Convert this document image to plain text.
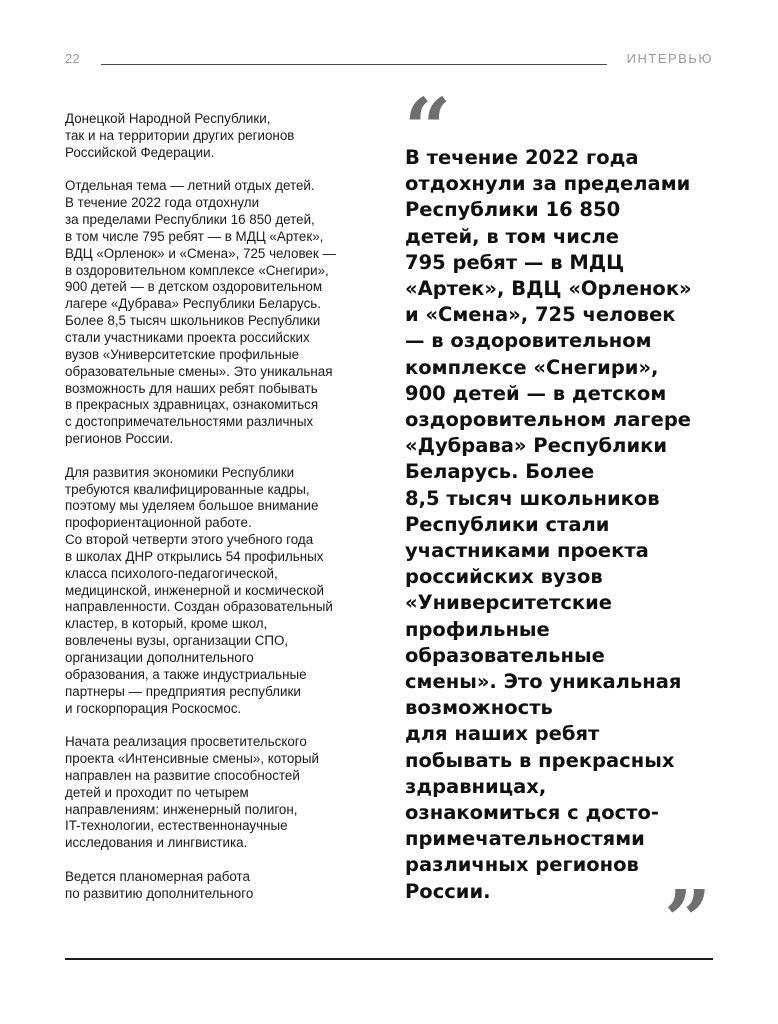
22	ИНТЕРВЬЮ

Донецкой Народной Республики,
так и на территории других регионов
Российской Федерации.

Отдельная тема — летний отдых детей.
В течение 2022 года отдохнули
за пределами Республики 16 850 детей,
в том числе 795 ребят — в МДЦ «Артек»,
ВДЦ «Орленок» и «Смена», 725 человек —
в оздоровительном комплексе «Снегири»,
900 детей — в детском оздоровительном
лагере «Дубрава» Республики Беларусь.
Более 8,5 тысяч школьников Республики
стали участниками проекта российских
вузов «Университетские профильные
образовательные смены». Это уникальная
возможность для наших ребят побывать
в прекрасных здравницах, ознакомиться
с достопримечательностями различных
регионов России.

Для развития экономики Республики
требуются квалифицированные кадры,
поэтому мы уделяем большое внимание
профориентационной работе.
Со второй четверти этого учебного года
в школах ДНР открылись 54 профильных
класса психолого-педагогической,
медицинской, инженерной и космической
направленности. Создан образовательный
кластер, в который, кроме школ,
вовлечены вузы, организации СПО,
организации дополнительного
образования, а также индустриальные
партнеры — предприятия республики
и госкорпорация Роскосмос.

Начата реализация просветительского
проекта «Интенсивные смены», который
направлен на развитие способностей
детей и проходит по четырем
направлениям: инженерный полигон,
IT-технологии, естественнонаучные
исследования и лингвистика.

Ведется планомерная работа
по развитию дополнительного

“
В течение 2022 года
отдохнули за пределами
Республики 16 850
детей, в том числе
795 ребят — в МДЦ
«Артек», ВДЦ «Орленок»
и «Смена», 725 человек
— в оздоровительном
комплексе «Снегири»,
900 детей — в детском
оздоровительном лагере
«Дубрава» Республики
Беларусь. Более
8,5 тысяч школьников
Республики стали
участниками проекта
российских вузов
«Университетские
профильные
образовательные
смены». Это уникальная
возможность
для наших ребят
побывать в прекрасных
здравницах,
ознакомиться с досто-
примечательностями
различных регионов
России.	”
